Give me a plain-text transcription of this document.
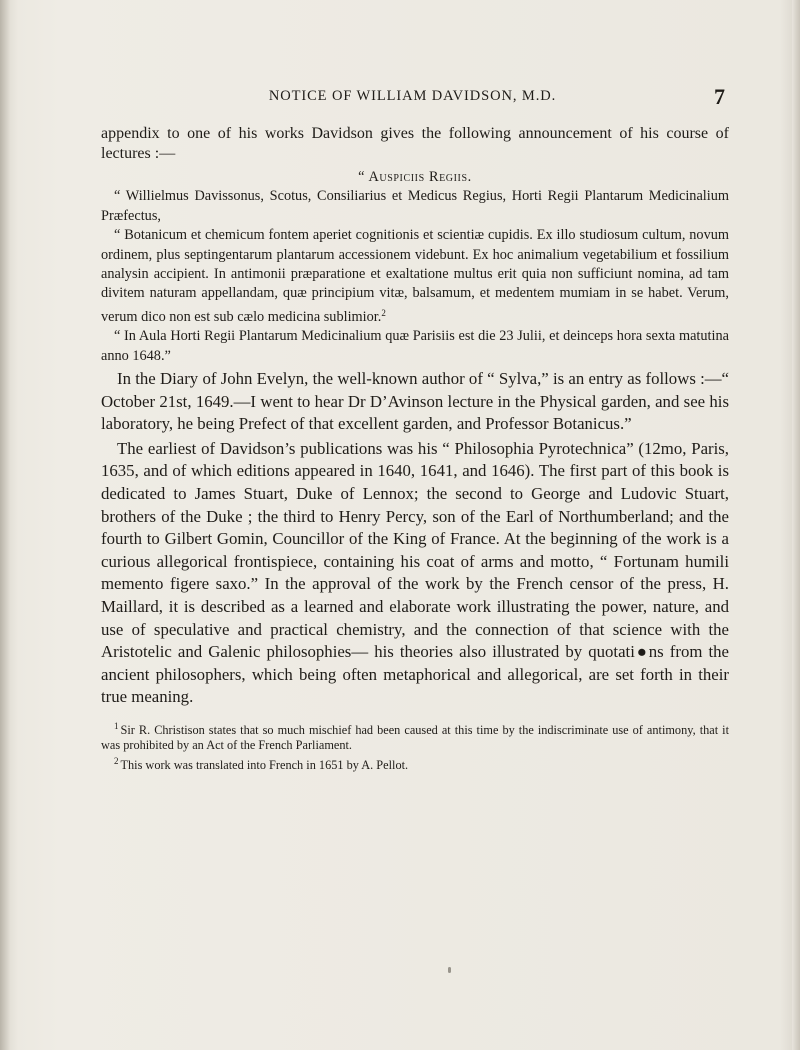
NOTICE OF WILLIAM DAVIDSON, M.D.	7

appendix to one of his works Davidson gives the following announcement of his course of lectures :—

“ Auspiciis Regiis.

“ Willielmus Davissonus, Scotus, Consiliarius et Medicus Regius, Horti Regii Plantarum Medicinalium Præfectus,

“ Botanicum et chemicum fontem aperiet cognitionis et scientiæ cupidis. Ex illo studiosum cultum, novum ordinem, plus septingentarum plantarum accessionem videbunt. Ex hoc animalium vegetabilium et fossilium analysin accipient. In antimonii præparatione et exaltatione multus erit quia non sufficiunt nomina, ad tam divitem naturam appellandam, quæ principium vitæ, balsamum, et medentem mumiam in se habet. Verum, verum dico non est sub cælo medicina sublimior.$^2$

“ In Aula Horti Regii Plantarum Medicinalium quæ Parisiis est die 23 Julii, et deinceps hora sexta matutina anno 1648.”

In the Diary of John Evelyn, the well-known author of “ Sylva,” is an entry as follows :—“ October 21st, 1649.—I went to hear Dr D’Avinson lecture in the Physical garden, and see his laboratory, he being Prefect of that excellent garden, and Professor Botanicus.”

The earliest of Davidson’s publications was his “ Philosophia Pyrotechnica” (12mo, Paris, 1635, and of which editions appeared in 1640, 1641, and 1646). The first part of this book is dedicated to James Stuart, Duke of Lennox; the second to George and Ludovic Stuart, brothers of the Duke ; the third to Henry Percy, son of the Earl of Northumberland; and the fourth to Gilbert Gomin, Councillor of the King of France. At the beginning of the work is a curious allegorical frontispiece, containing his coat of arms and motto, “ Fortunam humili memento figere saxo.” In the approval of the work by the French censor of the press, H. Maillard, it is described as a learned and elaborate work illustrating the power, nature, and use of speculative and practical chemistry, and the connection of that science with the Aristotelic and Galenic philosophies— his theories also illustrated by quotati●ns from the ancient philosophers, which being often metaphorical and allegorical, are set forth in their true meaning.

$^1$ Sir R. Christison states that so much mischief had been caused at this time by the indiscriminate use of antimony, that it was prohibited by an Act of the French Parliament.

$^2$ This work was translated into French in 1651 by A. Pellot.
